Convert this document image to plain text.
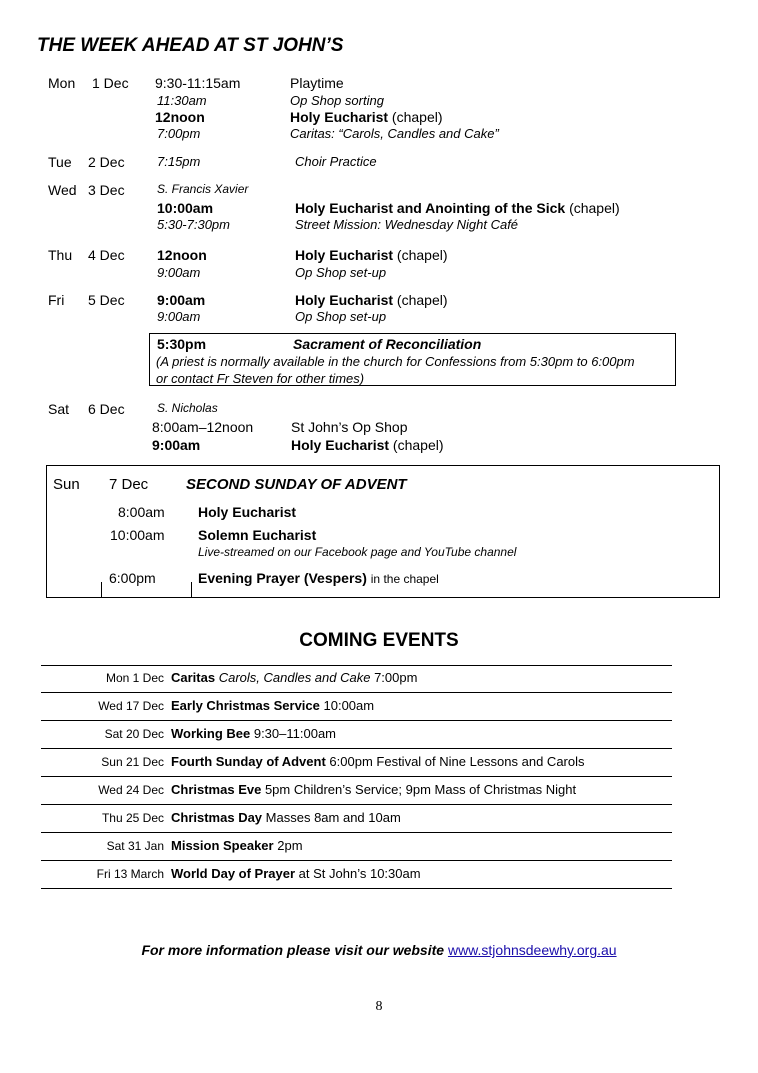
THE WEEK AHEAD AT ST JOHN’S
Mon 1 Dec 9:30-11:15am	Playtime
11:30am	Op Shop sorting
12noon	Holy Eucharist (chapel)
7:00pm	Caritas: “Carols, Candles and Cake”
Tue 2 Dec 7:15pm	Choir Practice
Wed 3 Dec	S. Francis Xavier
10:00am	Holy Eucharist and Anointing of the Sick (chapel)
5:30-7:30pm	Street Mission: Wednesday Night Café
Thu 4 Dec 12noon	Holy Eucharist (chapel)
9:00am	Op Shop set-up
Fri 5 Dec 9:00am	Holy Eucharist (chapel)
9:00am	Op Shop set-up
5:30pm	Sacrament of Reconciliation
(A priest is normally available in the church for Confessions from 5:30pm to 6:00pm
or contact Fr Steven for other times)
Sat 6 Dec	S. Nicholas
8:00am–12noon	St John’s Op Shop
9:00am	Holy Eucharist (chapel)
Sun 7 Dec	SECOND SUNDAY OF ADVENT
8:00am Holy Eucharist
10:00am Solemn Eucharist
Live-streamed on our Facebook page and YouTube channel
6:00pm	Evening Prayer (Vespers) in the chapel
COMING EVENTS
Mon 1 Dec Caritas Carols, Candles and Cake 7:00pm
Wed 17 Dec Early Christmas Service 10:00am
Sat 20 Dec Working Bee 9:30–11:00am
Sun 21 Dec Fourth Sunday of Advent 6:00pm Festival of Nine Lessons and Carols
Wed 24 Dec Christmas Eve 5pm Children’s Service; 9pm Mass of Christmas Night
Thu 25 Dec Christmas Day Masses 8am and 10am
Sat 31 Jan Mission Speaker 2pm
Fri 13 March World Day of Prayer at St John’s 10:30am
For more information please visit our website www.stjohnsdeewhy.org.au
8
